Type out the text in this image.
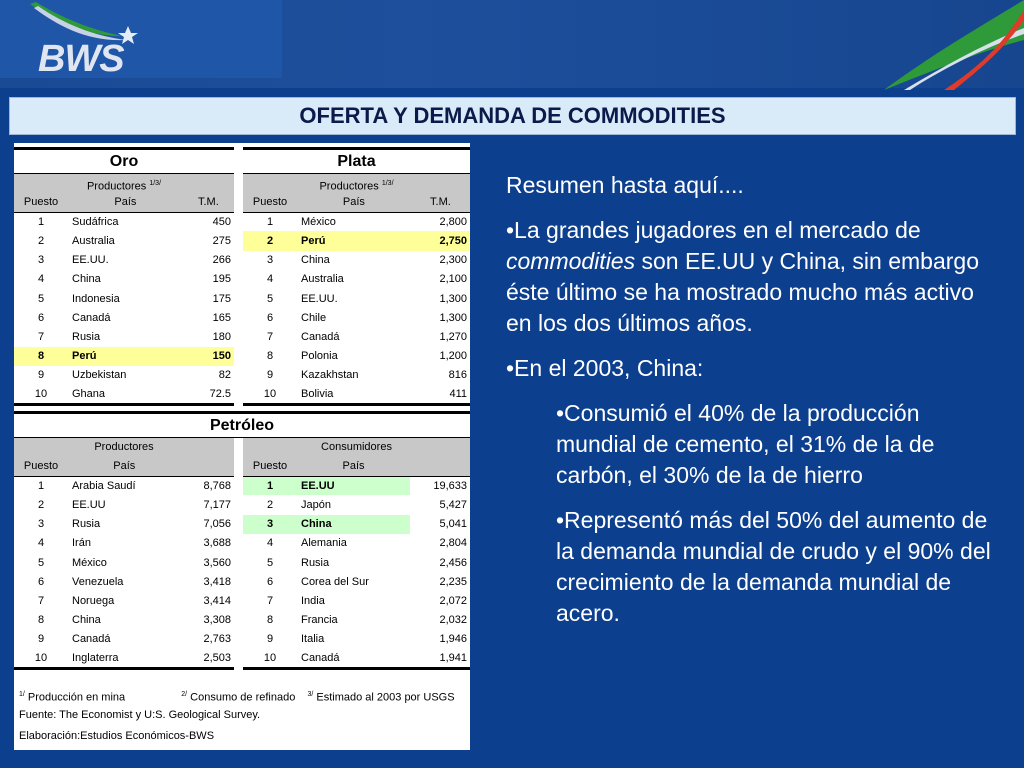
BWS
OFERTA Y DEMANDA DE COMMODITIES
Oro
Productores $^{1/3/}$
Puesto	País	T.M.
1	Sudáfrica	450
2	Australia	275
3	EE.UU.	266
4	China	195
5	Indonesia	175
6	Canadá	165
7	Rusia	180
8	Perú	150
9	Uzbekistan	82
10	Ghana	72.5
Plata
Productores $^{1/3/}$
Puesto	País	T.M.
1	México	2,800
2	Perú	2,750
3	China	2,300
4	Australia	2,100
5	EE.UU.	1,300
6	Chile	1,300
7	Canadá	1,270
8	Polonia	1,200
9	Kazakhstan	816
10	Bolivia	411
Petróleo
Productores	Consumidores
Puesto	País	
1	Arabia Saudí	8,768
2	EE.UU	7,177
3	Rusia	7,056
4	Irán	3,688
5	México	3,560
6	Venezuela	3,418
7	Noruega	3,414
8	China	3,308
9	Canadá	2,763
10	Inglaterra	2,503
Puesto	País	
1	EE.UU	19,633
2	Japón	5,427
3	China	5,041
4	Alemania	2,804
5	Rusia	2,456
6	Corea del Sur	2,235
7	India	2,072
8	Francia	2,032
9	Italia	1,946
10	Canadá	1,941
$^{1/}$ Producción en mina	$^{2/}$ Consumo de refinado $^{3/}$ Estimado al 2003 por USGS
Fuente: The Economist y U:S. Geological Survey.
Elaboración:Estudios Económicos-BWS

Resumen hasta aquí....

•La grandes jugadores en el mercado de commodities son EE.UU y China, sin embargo éste último se ha mostrado mucho más activo en los dos últimos años.

•En el 2003, China:

•Consumió el 40% de la producción mundial de cemento, el 31% de la de carbón, el 30% de la de hierro

•Representó más del 50% del aumento de la demanda mundial de crudo y el 90% del crecimiento de la demanda mundial de acero.
